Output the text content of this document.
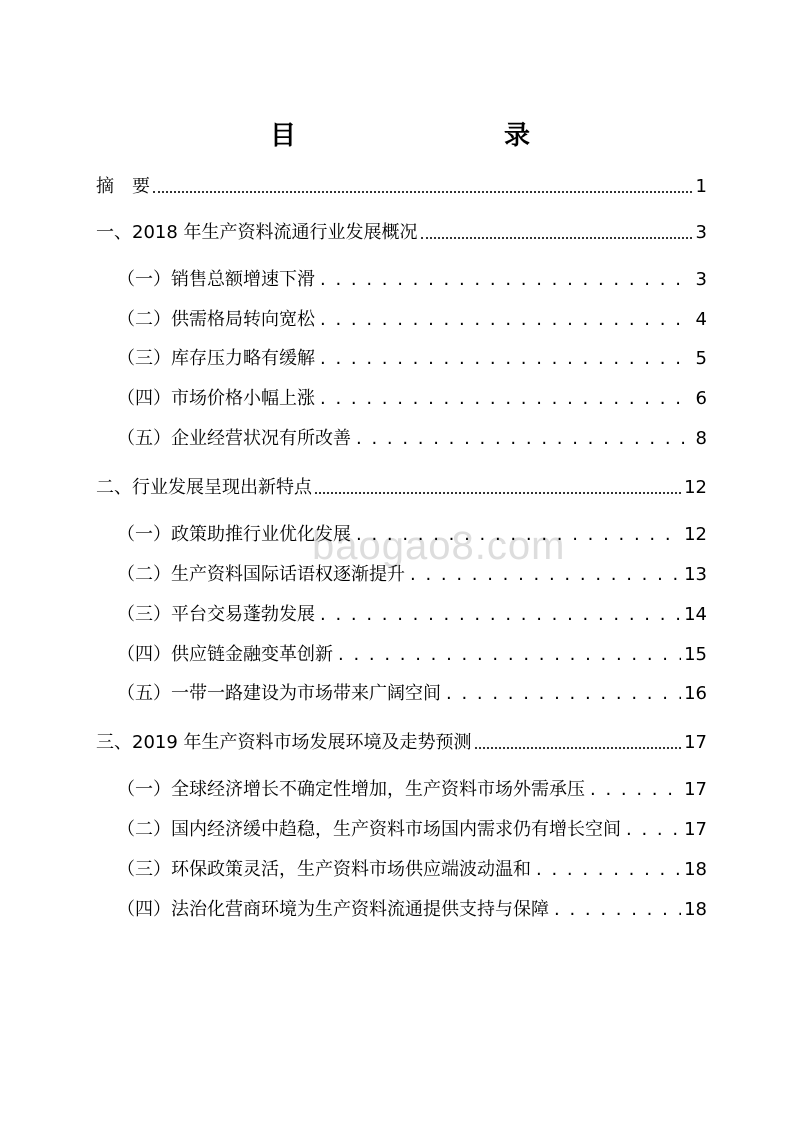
目　　录
baogao8.com
摘　要	1
一、2018 年生产资料流通行业发展概况	3
（一）销售总额增速下滑 . . .	3
（二）供需格局转向宽松 . . .	4
（三）库存压力略有缓解 . . .	5
（四）市场价格小幅上涨 . . .	6
（五）企业经营状况有所改善 . . .	8
二、行业发展呈现出新特点	12
（一）政策助推行业优化发展 . . .	12
（二）生产资料国际话语权逐渐提升 . . .	13
（三）平台交易蓬勃发展 . . .	14
（四）供应链金融变革创新 . . .	15
（五）一带一路建设为市场带来广阔空间 . . .	16
三、2019 年生产资料市场发展环境及走势预测	17
（一）全球经济增长不确定性增加，生产资料市场外需承压 . . .	17
（二）国内经济缓中趋稳，生产资料市场国内需求仍有增长空间 . . .	17
（三）环保政策灵活，生产资料市场供应端波动温和 . . .	18
（四）法治化营商环境为生产资料流通提供支持与保障 . . .	18
